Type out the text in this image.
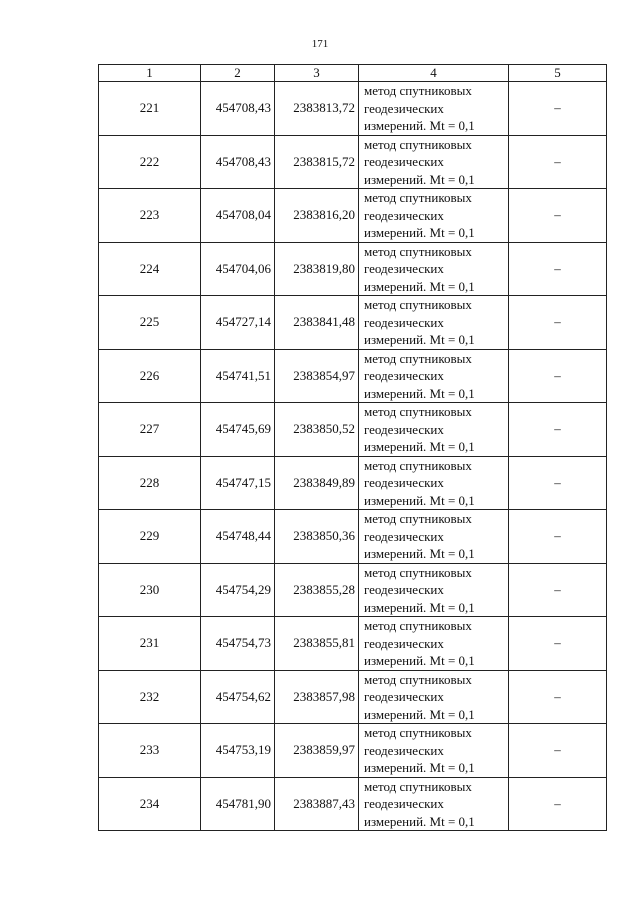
171
1	2	3	4	5
221	454708,43	2383813,72	метод спутниковых
геодезических
измерений. Mt = 0,1	–
222	454708,43	2383815,72	метод спутниковых
геодезических
измерений. Mt = 0,1	–
223	454708,04	2383816,20	метод спутниковых
геодезических
измерений. Mt = 0,1	–
224	454704,06	2383819,80	метод спутниковых
геодезических
измерений. Mt = 0,1	–
225	454727,14	2383841,48	метод спутниковых
геодезических
измерений. Mt = 0,1	–
226	454741,51	2383854,97	метод спутниковых
геодезических
измерений. Mt = 0,1	–
227	454745,69	2383850,52	метод спутниковых
геодезических
измерений. Mt = 0,1	–
228	454747,15	2383849,89	метод спутниковых
геодезических
измерений. Mt = 0,1	–
229	454748,44	2383850,36	метод спутниковых
геодезических
измерений. Mt = 0,1	–
230	454754,29	2383855,28	метод спутниковых
геодезических
измерений. Mt = 0,1	–
231	454754,73	2383855,81	метод спутниковых
геодезических
измерений. Mt = 0,1	–
232	454754,62	2383857,98	метод спутниковых
геодезических
измерений. Mt = 0,1	–
233	454753,19	2383859,97	метод спутниковых
геодезических
измерений. Mt = 0,1	–
234	454781,90	2383887,43	метод спутниковых
геодезических
измерений. Mt = 0,1	–
